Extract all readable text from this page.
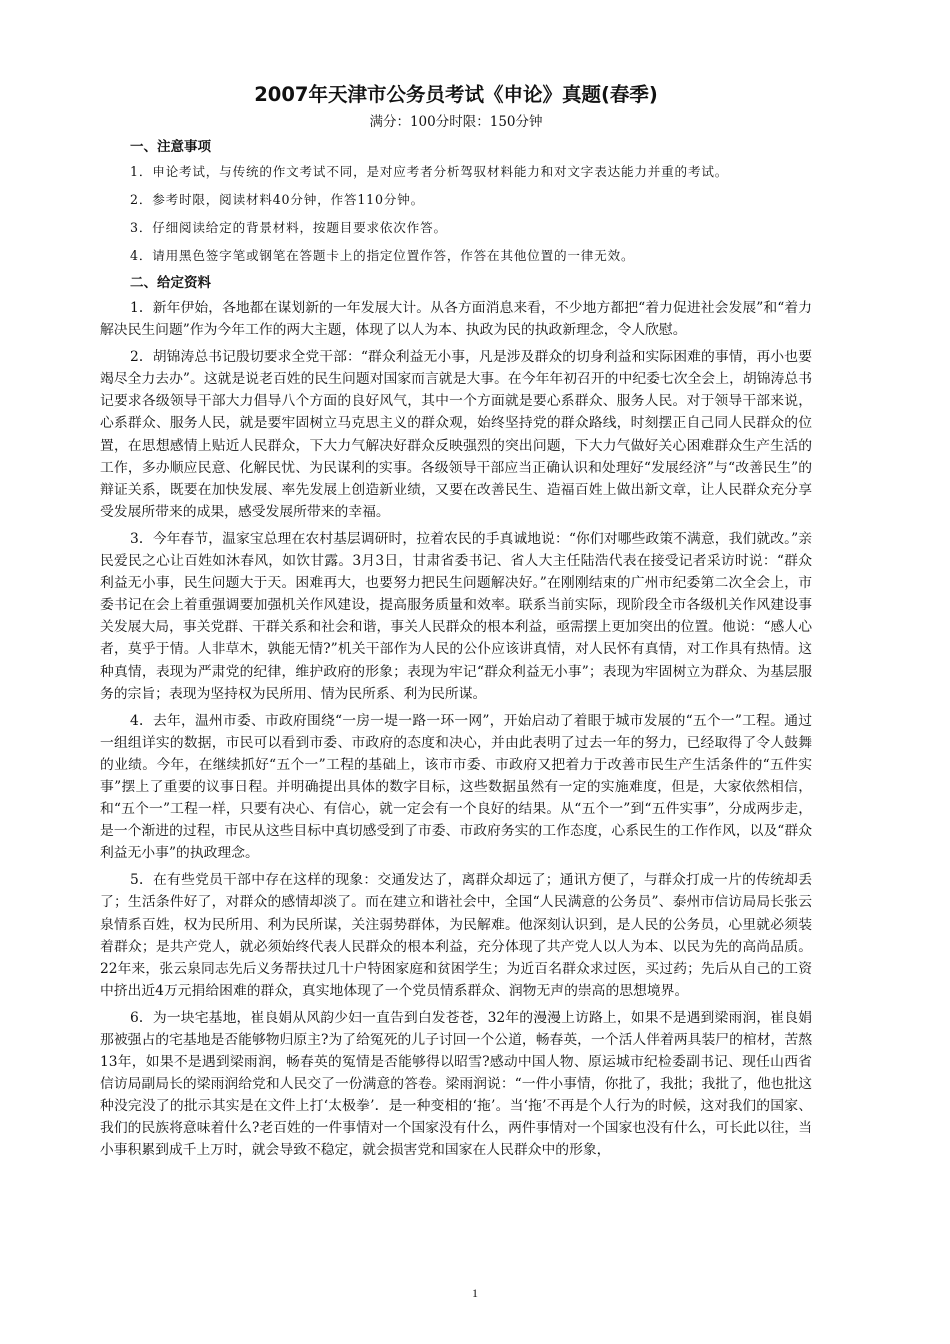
2007年天津市公务员考试《申论》真题(春季)

满分：100分时限：150分钟

一、注意事项

1．申论考试，与传统的作文考试不同，是对应考者分析驾驭材料能力和对文字表达能力并重的考试。

2．参考时限，阅读材料40分钟，作答110分钟。

3．仔细阅读给定的背景材料，按题目要求依次作答。

4．请用黑色签字笔或钢笔在答题卡上的指定位置作答，作答在其他位置的一律无效。

二、给定资料

1．新年伊始，各地都在谋划新的一年发展大计。从各方面消息来看，不少地方都把“着力促进社会发展”和“着力解决民生问题”作为今年工作的两大主题，体现了以人为本、执政为民的执政新理念，令人欣慰。

2．胡锦涛总书记殷切要求全党干部：“群众利益无小事，凡是涉及群众的切身利益和实际困难的事情，再小也要竭尽全力去办”。这就是说老百姓的民生问题对国家而言就是大事。在今年年初召开的中纪委七次全会上，胡锦涛总书记要求各级领导干部大力倡导八个方面的良好风气，其中一个方面就是要心系群众、服务人民。对于领导干部来说，心系群众、服务人民，就是要牢固树立马克思主义的群众观，始终坚持党的群众路线，时刻摆正自己同人民群众的位置，在思想感情上贴近人民群众，下大力气解决好群众反映强烈的突出问题，下大力气做好关心困难群众生产生活的工作，多办顺应民意、化解民忧、为民谋利的实事。各级领导干部应当正确认识和处理好“发展经济”与“改善民生”的辩证关系，既要在加快发展、率先发展上创造新业绩，又要在改善民生、造福百姓上做出新文章，让人民群众充分享受发展所带来的成果，感受发展所带来的幸福。

3．今年春节，温家宝总理在农村基层调研时，拉着农民的手真诚地说：“你们对哪些政策不满意，我们就改。”亲民爱民之心让百姓如沐春风，如饮甘露。3月3日，甘肃省委书记、省人大主任陆浩代表在接受记者采访时说：“群众利益无小事，民生问题大于天。困难再大，也要努力把民生问题解决好。”在刚刚结束的广州市纪委第二次全会上，市委书记在会上着重强调要加强机关作风建设，提高服务质量和效率。联系当前实际，现阶段全市各级机关作风建设事关发展大局，事关党群、干群关系和社会和谐，事关人民群众的根本利益，亟需摆上更加突出的位置。他说：“感人心者，莫乎于情。人非草木，孰能无情?”机关干部作为人民的公仆应该讲真情，对人民怀有真情，对工作具有热情。这种真情，表现为严肃党的纪律，维护政府的形象；表现为牢记“群众利益无小事”；表现为牢固树立为群众、为基层服务的宗旨；表现为坚持权为民所用、情为民所系、利为民所谋。

4．去年，温州市委、市政府围绕“一房一堤一路一环一网”，开始启动了着眼于城市发展的“五个一”工程。通过一组组详实的数据，市民可以看到市委、市政府的态度和决心，并由此表明了过去一年的努力，已经取得了令人鼓舞的业绩。今年，在继续抓好“五个一”工程的基础上，该市市委、市政府又把着力于改善市民生产生活条件的“五件实事”摆上了重要的议事日程。并明确提出具体的数字目标，这些数据虽然有一定的实施难度，但是，大家依然相信，和“五个一”工程一样，只要有决心、有信心，就一定会有一个良好的结果。从“五个一”到“五件实事”，分成两步走，是一个渐进的过程，市民从这些目标中真切感受到了市委、市政府务实的工作态度，心系民生的工作作风，以及“群众利益无小事”的执政理念。

5．在有些党员干部中存在这样的现象：交通发达了，离群众却远了；通讯方便了，与群众打成一片的传统却丢了；生活条件好了，对群众的感情却淡了。而在建立和谐社会中，全国“人民满意的公务员”、泰州市信访局局长张云泉情系百姓，权为民所用、利为民所谋，关注弱势群体，为民解难。他深刻认识到，是人民的公务员，心里就必须装着群众；是共产党人，就必须始终代表人民群众的根本利益，充分体现了共产党人以人为本、以民为先的高尚品质。22年来，张云泉同志先后义务帮扶过几十户特困家庭和贫困学生；为近百名群众求过医，买过药；先后从自己的工资中挤出近4万元捐给困难的群众，真实地体现了一个党员情系群众、润物无声的崇高的思想境界。

6．为一块宅基地，崔良娟从风韵少妇一直告到白发苍苍，32年的漫漫上访路上，如果不是遇到梁雨润，崔良娟那被强占的宅基地是否能够物归原主?为了给冤死的儿子讨回一个公道，畅春英，一个活人伴着两具装尸的棺材，苦熬13年，如果不是遇到梁雨润，畅春英的冤情是否能够得以昭雪?感动中国人物、原运城市纪检委副书记、现任山西省信访局副局长的梁雨润给党和人民交了一份满意的答卷。梁雨润说：“一件小事情，你批了，我批；我批了，他也批这种没完没了的批示其实是在文件上打‘太极拳’．是一种变相的‘拖’。当‘拖’不再是个人行为的时候，这对我们的国家、我们的民族将意味着什么?老百姓的一件事情对一个国家没有什么，两件事情对一个国家也没有什么，可长此以往，当小事积累到成千上万时，就会导致不稳定，就会损害党和国家在人民群众中的形象，

1
